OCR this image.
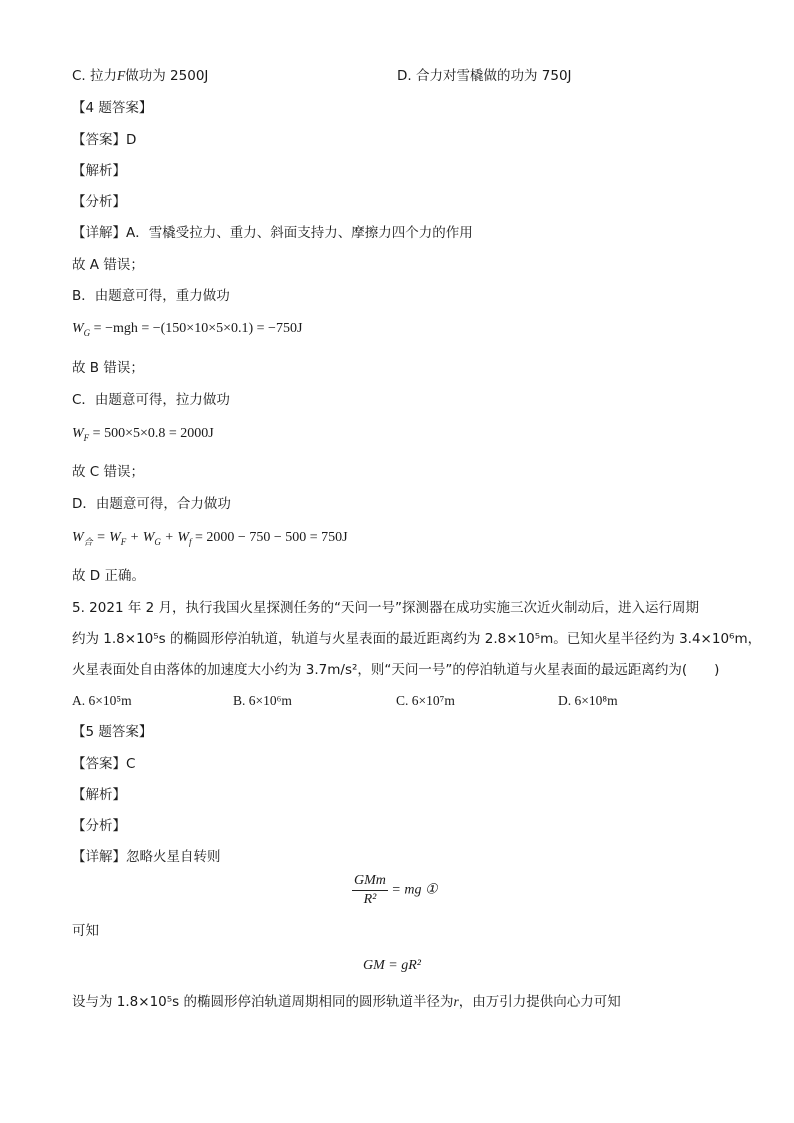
C. 拉力F做功为 2500J	D. 合力对雪橇做的功为 750J
【4 题答案】
【答案】D
【解析】
【分析】
【详解】A．雪橇受拉力、重力、斜面支持力、摩擦力四个力的作用
故 A 错误；
B．由题意可得，重力做功
$W_G = -mgh = -(150\times 10\times 5\times 0.1) = -750J$
故 B 错误；
C．由题意可得，拉力做功
$W_F = 500\times 5\times 0.8 = 2000J$
故 C 错误；
D．由题意可得，合力做功
$W_合 = W_F + W_G + W_f = 2000 - 750 - 500 = 750J$
故 D 正确。
5. 2021 年 2 月，执行我国火星探测任务的“天问一号”探测器在成功实施三次近火制动后，进入运行周期
约为 1.8×10⁵s 的椭圆形停泊轨道，轨道与火星表面的最近距离约为 2.8×10⁵m。已知火星半径约为 3.4×10⁶m，
火星表面处自由落体的加速度大小约为 3.7m/s²，则“天问一号”的停泊轨道与火星表面的最远距离约为(　　)
A. 6×10⁵m	B. 6×10⁶m	C. 6×10⁷m	D. 6×10⁸m
【5 题答案】
【答案】C
【解析】
【分析】
【详解】忽略火星自转则
$\frac{\text{GMm}}{\text{R²}}$ = mg ①
可知
GM = gR²
设与为 1.8×10⁵s 的椭圆形停泊轨道周期相同的圆形轨道半径为r，由万引力提供向心力可知
